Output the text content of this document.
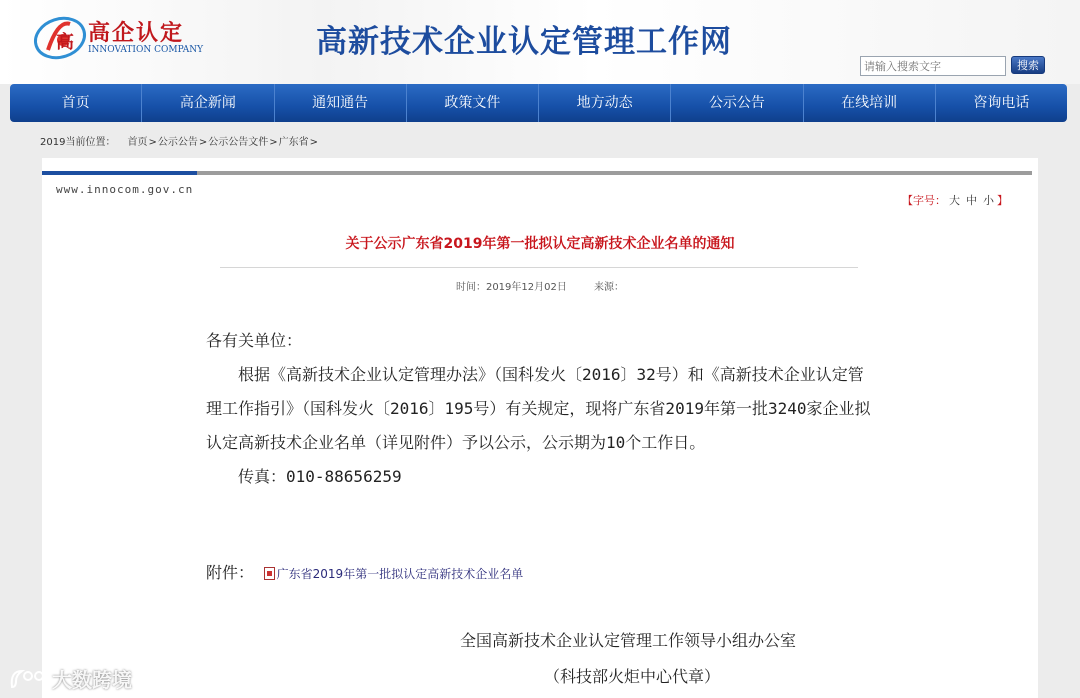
高 高企认定
INNOVATION COMPANY	高新技术企业认定管理工作网
请输入搜索文字
搜索
首页	高企新闻	通知通告	政策文件	地方动态	公示公告	在线培训	咨询电话
2019当前位置： 首页>公示公告>公示公告文件>广东省>
www.innocom.gov.cn
【字号： 大 中 小 】
关于公示广东省2019年第一批拟认定高新技术企业名单的通知
时间：2019年12月02日	来源：

各有关单位：

根据《高新技术企业认定管理办法》（国科发火〔2016〕32号）和《高新技术企业认定管理工作指引》（国科发火〔2016〕195号）有关规定，现将广东省2019年第一批3240家企业拟认定高新技术企业名单（详见附件）予以公示，公示期为10个工作日。

传真：010-88656259

附件： 广东省2019年第一批拟认定高新技术企业名单
全国高新技术企业认定管理工作领导小组办公室
（科技部火炬中心代章）
大数跨境
